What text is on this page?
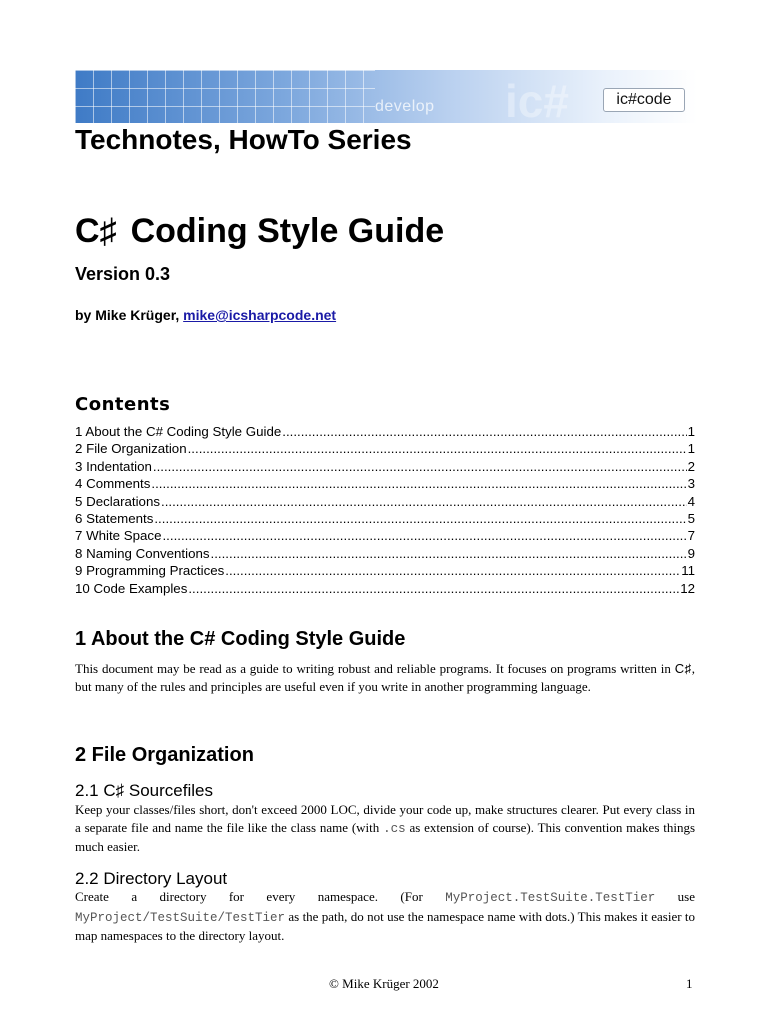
develop ic#	ic#code
Technotes, HowTo Series
C♯ Coding Style Guide
Version 0.3
by Mike Krüger, mike@icsharpcode.net
Contents
1 About the C# Coding Style Guide .....	1
2 File Organization .....	1
3 Indentation .....	2
4 Comments .....	3
5 Declarations .....	4
6 Statements .....	5
7 White Space .....	7
8 Naming Conventions .....	9
9 Programming Practices .....	11
10 Code Examples .....	12
1 About the C# Coding Style Guide

This document may be read as a guide to writing robust and reliable programs. It focuses on programs written in C♯, but many of the rules and principles are useful even if you write in another programming language.

2 File Organization
2.1 C♯ Sourcefiles

Keep your classes/files short, don't exceed 2000 LOC, divide your code up, make structures clearer. Put every class in a separate file and name the file like the class name (with .cs as extension of course). This convention makes things much easier.

2.2 Directory Layout

Create a directory for every namespace. (For MyProject.TestSuite.TestTier use MyProject/TestSuite/TestTier as the path, do not use the namespace name with dots.) This makes it easier to map namespaces to the directory layout.

© Mike Krüger 2002	1
